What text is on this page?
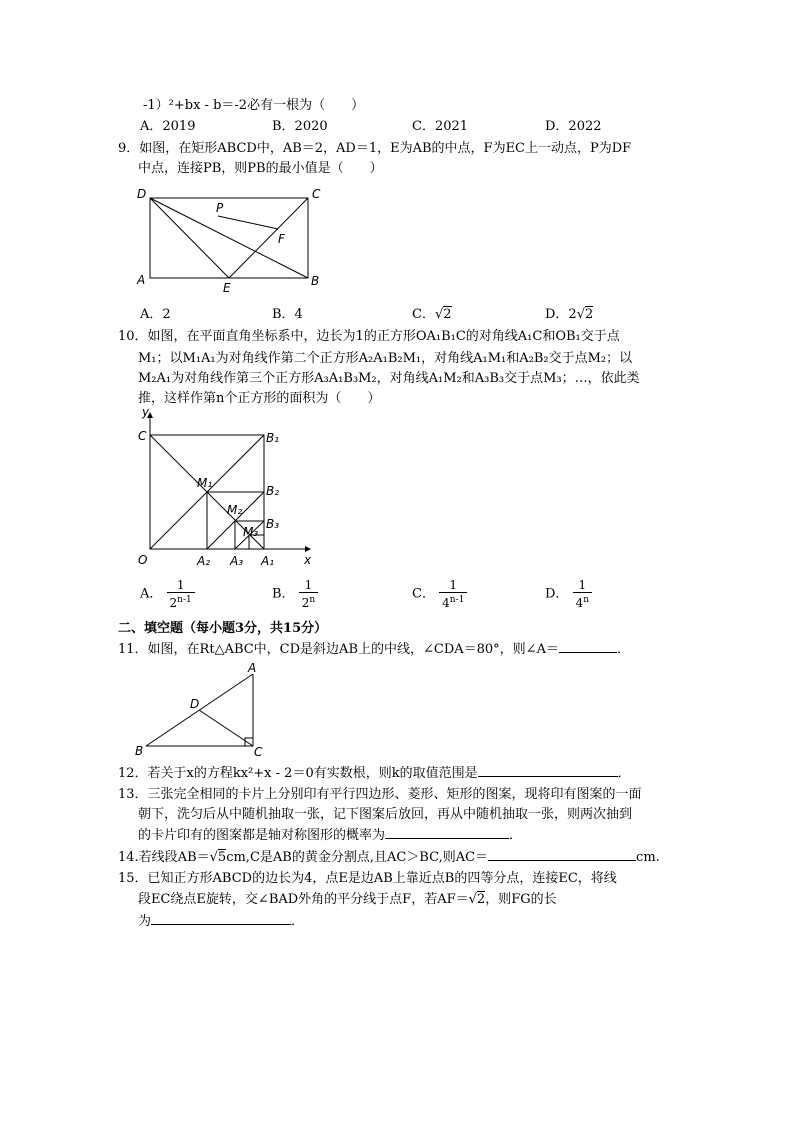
-1）²+bx - b＝-2必有一根为（　　）
A．2019	B．2020	C．2021	D．2022
9．如图，在矩形ABCD中，AB＝2，AD＝1，E为AB的中点，F为EC上一动点，P为DF
中点，连接PB，则PB的最小值是（　　）
D	C
A	B
E
P
F
A．2	B．4	C．√2	D．2√2
10．如图，在平面直角坐标系中，边长为1的正方形OA₁B₁C的对角线A₁C和OB₁交于点
M₁；以M₁A₁为对角线作第二个正方形A₂A₁B₂M₁，对角线A₁M₁和A₂B₂交于点M₂；以
M₂A₁为对角线作第三个正方形A₃A₁B₃M₂，对角线A₁M₂和A₃B₃交于点M₃；…，依此类
推，这样作第n个正方形的面积为（　　）
y
x
C
O
B₁
M₁
B₂
M₂
B₃
M₃
A₂ A₃ A₁
A． $\frac{1}{2^{n-1}}$	B． $\frac{1}{2^n}$	C． $\frac{1}{4^{n-1}}$	D． $\frac{1}{4^n}$
二、填空题（每小题3分，共15分）
11．如图，在Rt△ABC中，CD是斜边AB上的中线，∠CDA＝80°，则∠A＝	．
A
D
B	C
12．若关于x的方程kx²+x - 2＝0有实数根，则k的取值范围是	．
13．三张完全相同的卡片上分别印有平行四边形、菱形、矩形的图案，现将印有图案的一面
朝下，洗匀后从中随机抽取一张，记下图案后放回，再从中随机抽取一张，则两次抽到
的卡片印有的图案都是轴对称图形的概率为	．
14.若线段AB＝√5cm,C是AB的黄金分割点,且AC＞BC,则AC＝	cm.
15．已知正方形ABCD的边长为4，点E是边AB上靠近点B的四等分点，连接EC，将线
段EC绕点E旋转，交∠BAD外角的平分线于点F，若AF＝√2，则FG的长
为	．
